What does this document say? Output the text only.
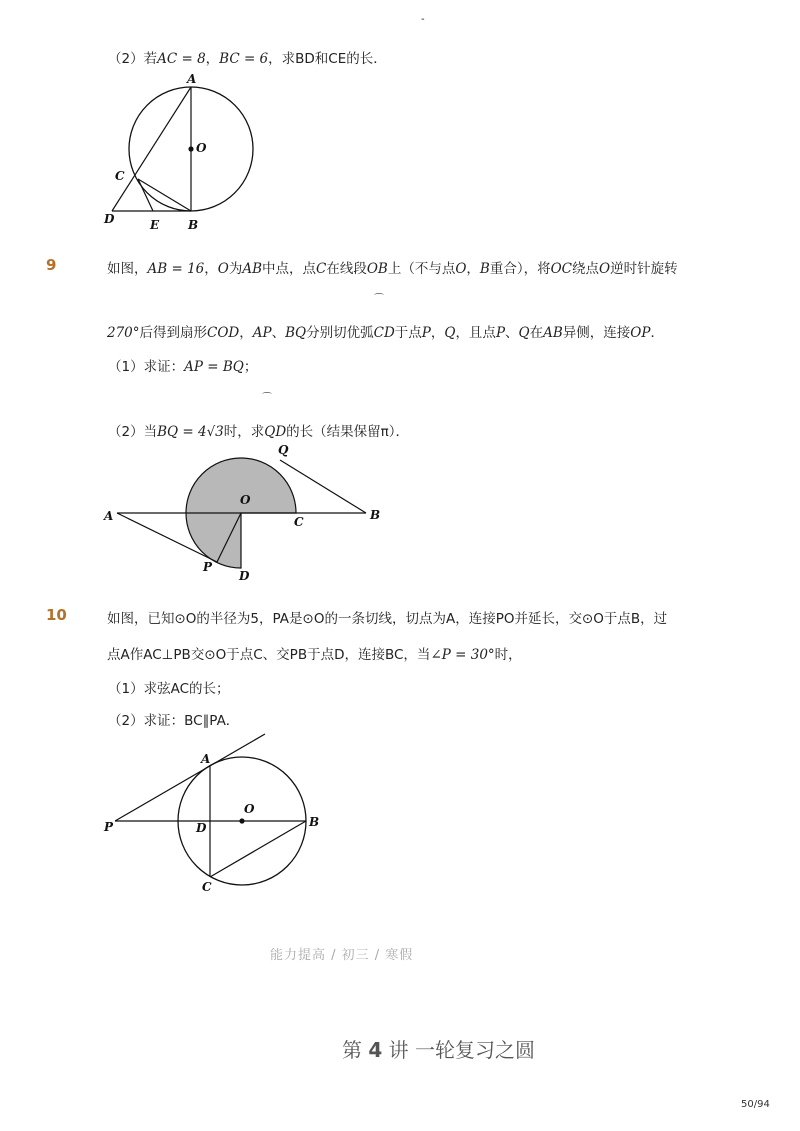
-
（2）若AC = 8，BC = 6，求BD和CE的长．
A
O
C
D	E B
9	如图，AB = 16，O为AB中点，点C在线段OB上（不与点O，B重合），将OC绕点O逆时针旋转
⌒
270°后得到扇形COD，AP、BQ分别切优弧CD于点P，Q，且点P、Q在AB异侧，连接OP．
（1）求证：AP = BQ；
⌒
（2）当BQ = 4√3时，求QD的长（结果保留π）．
A
O
Q
C	B
P
D
10	如图，已知⊙O的半径为5，PA是⊙O的一条切线，切点为A，连接PO并延长，交⊙O于点B，过
点A作AC⊥PB交⊙O于点C、交PB于点D，连接BC，当∠P = 30°时，
（1）求弦AC的长；
（2）求证：BC∥PA．
A
O
P	D	B
C
能力提高 / 初三 / 寒假
第 4 讲 一轮复习之圆
50/94
